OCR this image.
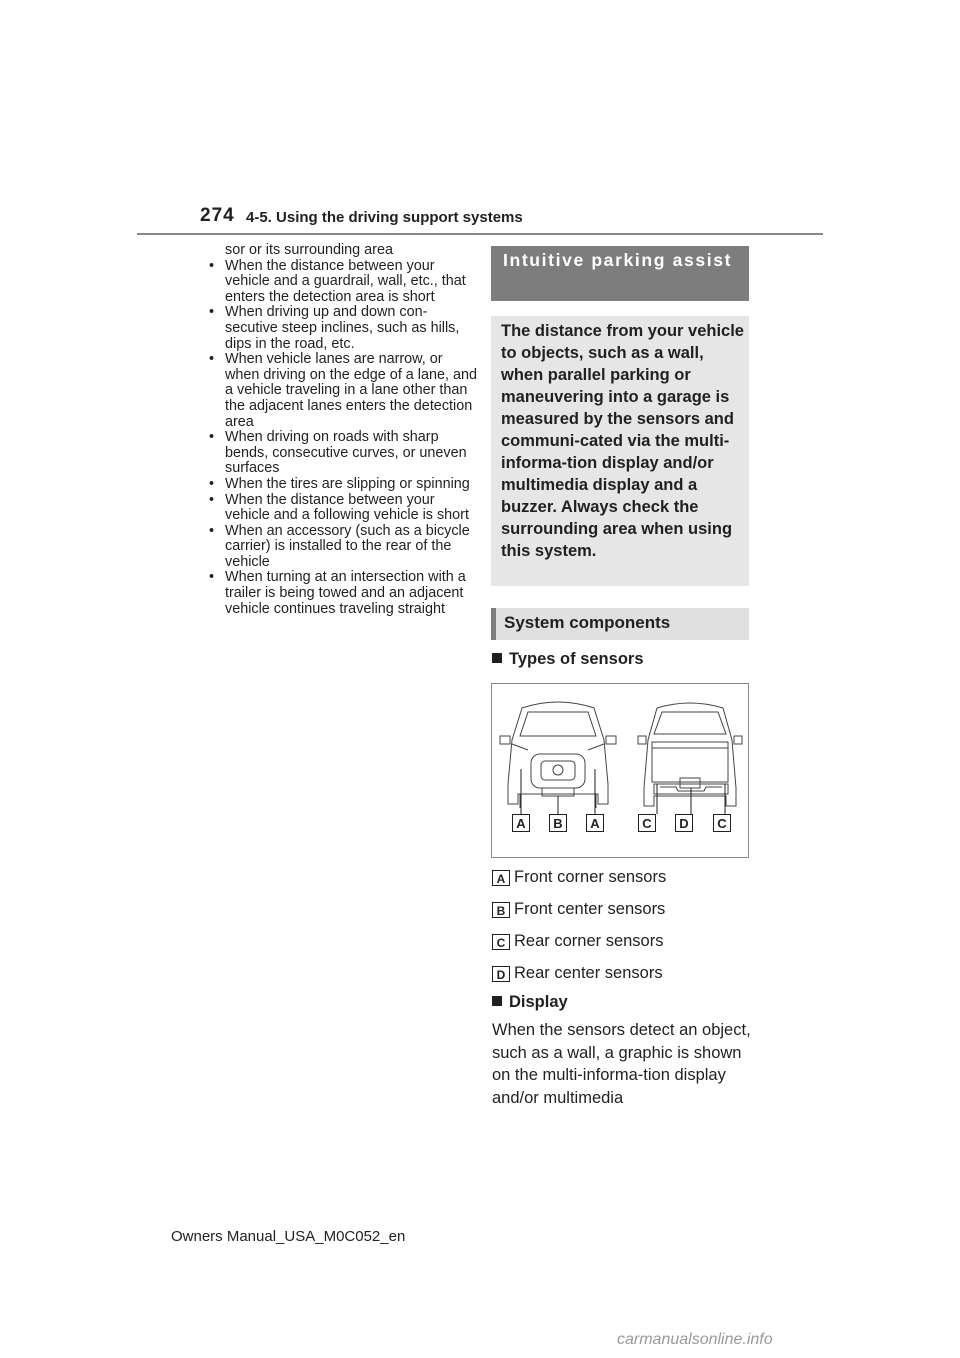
274 4-5. Using the driving support systems
sor or its surrounding area
• When the distance between your vehicle and a guardrail, wall, etc., that enters the detection area is short
• When driving up and down con-secutive steep inclines, such as hills, dips in the road, etc.
• When vehicle lanes are narrow, or when driving on the edge of a lane, and a vehicle traveling in a lane other than the adjacent lanes enters the detection area
• When driving on roads with sharp bends, consecutive curves, or uneven surfaces
• When the tires are slipping or spinning
• When the distance between your vehicle and a following vehicle is short
• When an accessory (such as a bicycle carrier) is installed to the rear of the vehicle
• When turning at an intersection with a trailer is being towed and an adjacent vehicle continues traveling straight
Intuitive parking assist
The distance from your vehicle to objects, such as a wall, when parallel parking or maneuvering into a garage is measured by the sensors and communi-cated via the multi-informa-tion display and/or multimedia display and a buzzer. Always check the surrounding area when using this system.
System components
Types of sensors
A	B	A	C	D	C
A Front corner sensors
B Front center sensors
C Rear corner sensors
D Rear center sensors
Display
When the sensors detect an object, such as a wall, a graphic is shown on the multi-informa-tion display and/or multimedia
Owners Manual_USA_M0C052_en
carmanualsonline.info
